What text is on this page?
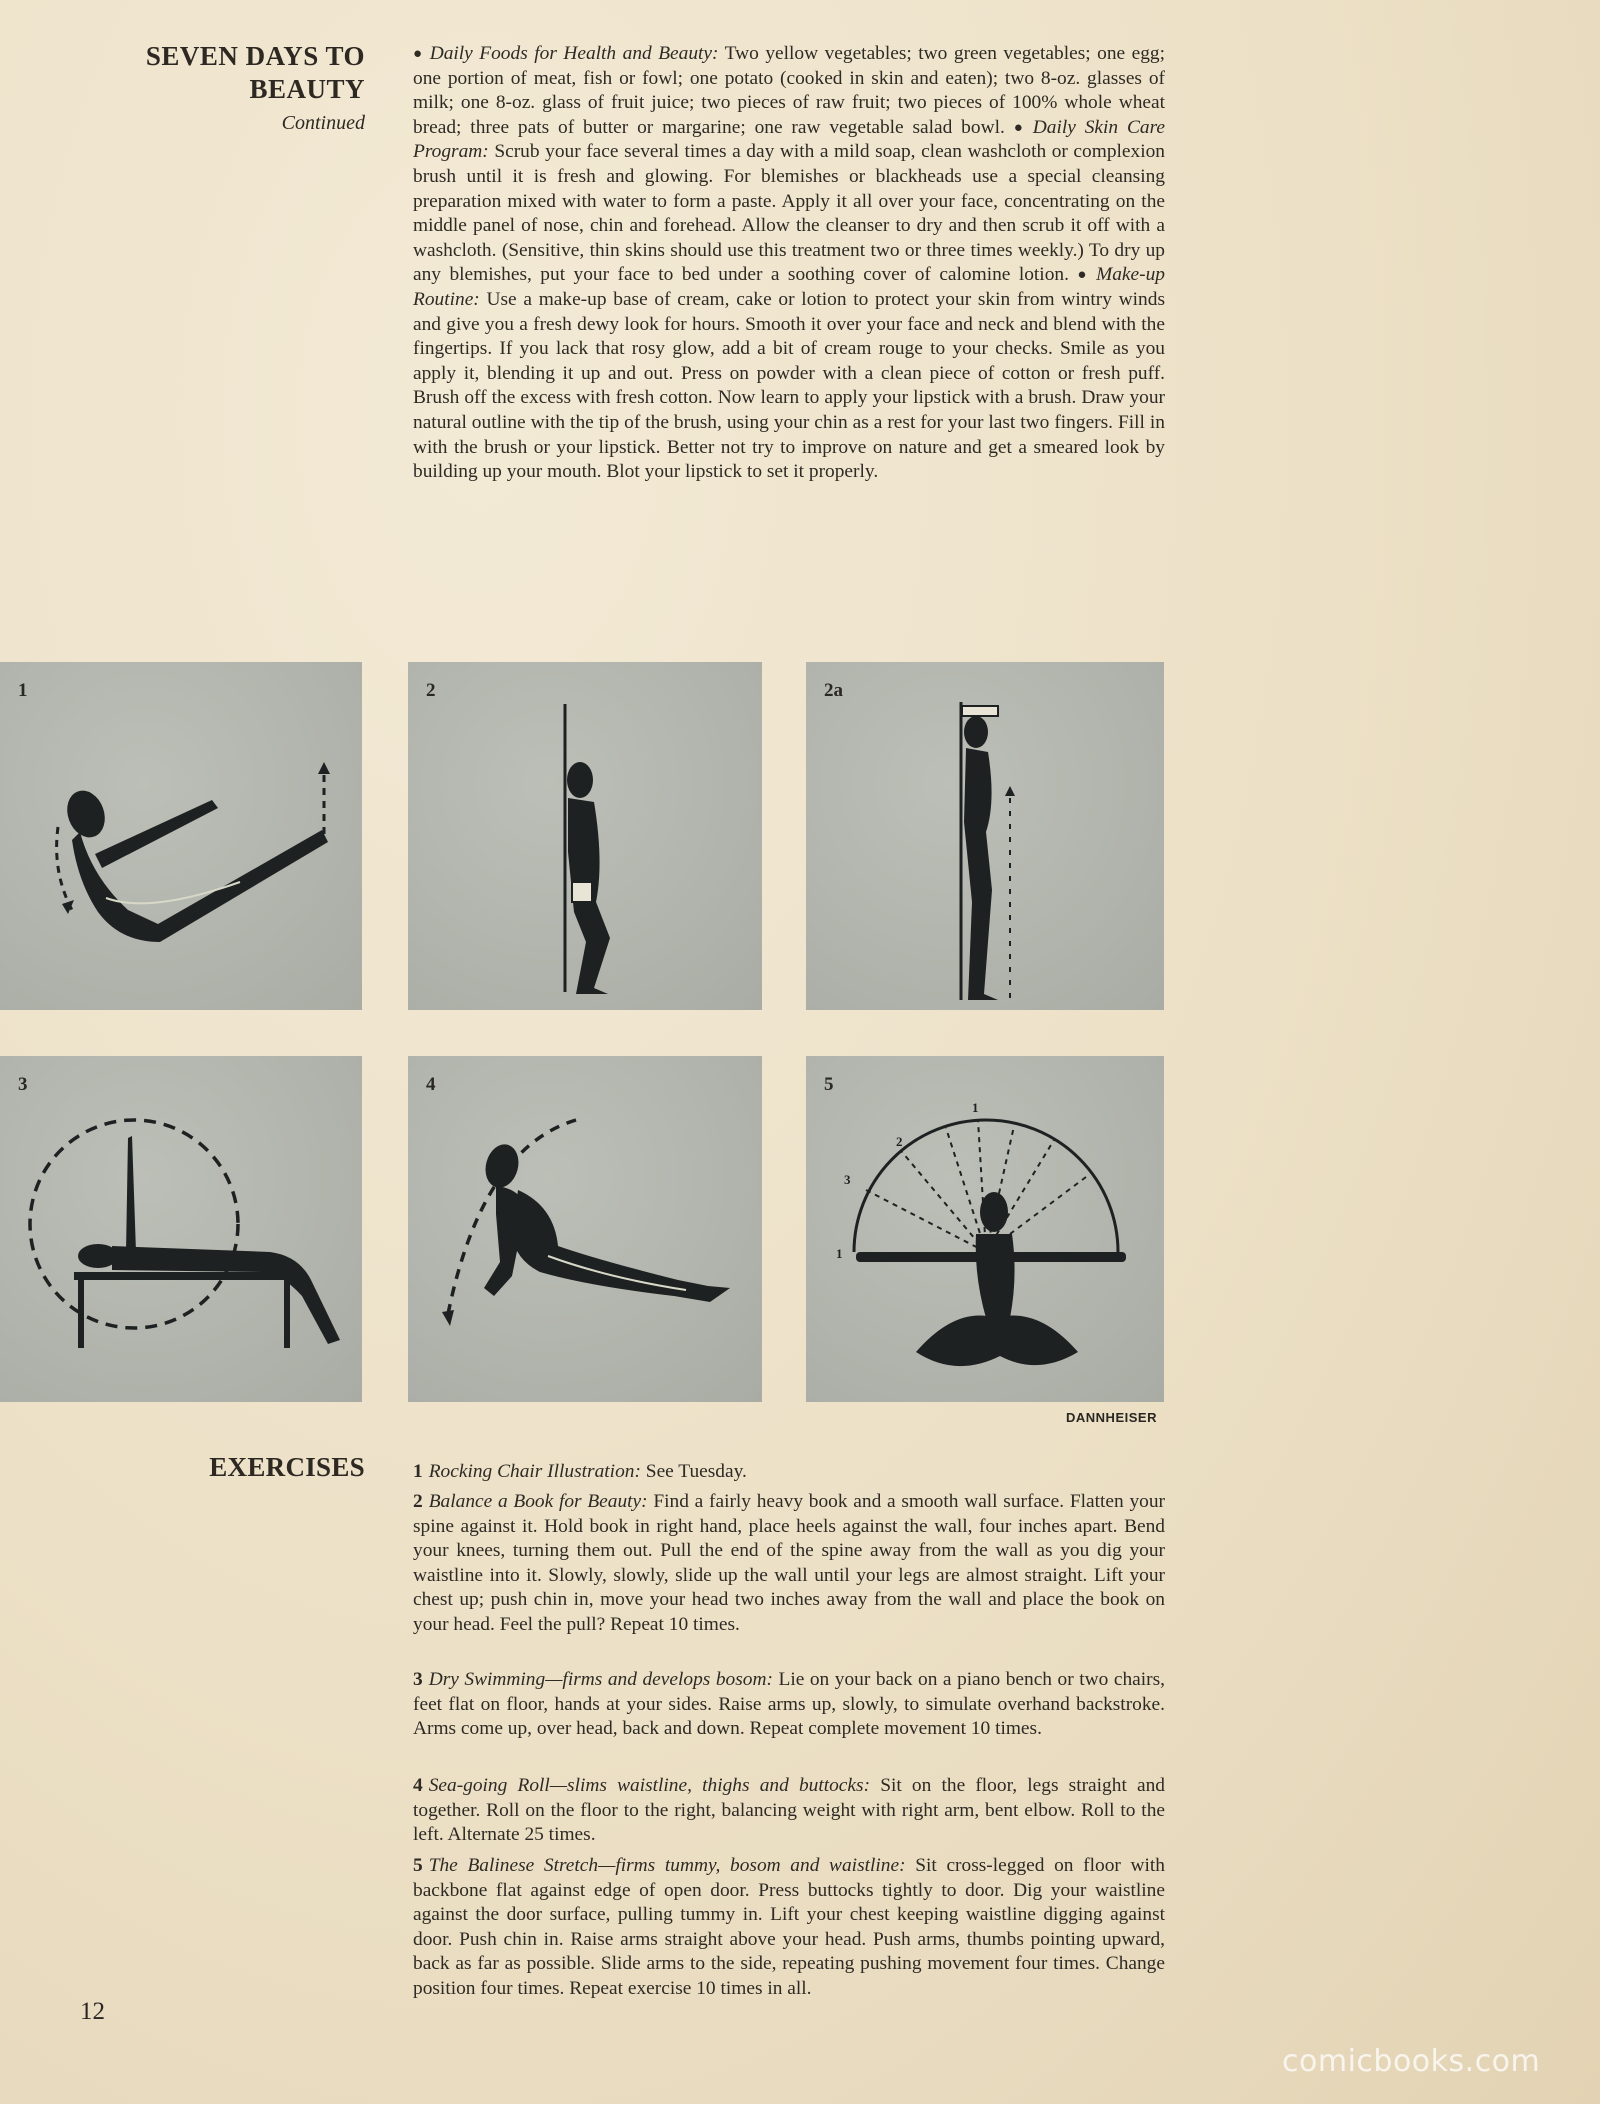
SEVEN DAYS TO BEAUTY
Continued

● Daily Foods for Health and Beauty: Two yellow vegetables; two green vegetables; one egg; one portion of meat, fish or fowl; one potato (cooked in skin and eaten); two 8-oz. glasses of milk; one 8-oz. glass of fruit juice; two pieces of raw fruit; two pieces of 100% whole wheat bread; three pats of butter or margarine; one raw vegetable salad bowl. ● Daily Skin Care Program: Scrub your face several times a day with a mild soap, clean washcloth or complexion brush until it is fresh and glowing. For blemishes or blackheads use a special cleansing preparation mixed with water to form a paste. Apply it all over your face, concentrating on the middle panel of nose, chin and forehead. Allow the cleanser to dry and then scrub it off with a washcloth. (Sensitive, thin skins should use this treatment two or three times weekly.) To dry up any blemishes, put your face to bed under a soothing cover of calomine lotion. ● Make-up Routine: Use a make-up base of cream, cake or lotion to protect your skin from wintry winds and give you a fresh dewy look for hours. Smooth it over your face and neck and blend with the fingertips. If you lack that rosy glow, add a bit of cream rouge to your checks. Smile as you apply it, blending it up and out. Press on powder with a clean piece of cotton or fresh puff. Brush off the excess with fresh cotton. Now learn to apply your lipstick with a brush. Draw your natural outline with the tip of the brush, using your chin as a rest for your last two fingers. Fill in with the brush or your lipstick. Better not try to improve on nature and get a smeared look by building up your mouth. Blot your lipstick to set it properly.

1	2	2a
3	4	5
1
3
2
1
DANNHEISER
EXERCISES 1 Rocking Chair Illustration: See Tuesday.

2 Balance a Book for Beauty: Find a fairly heavy book and a smooth wall surface. Flatten your spine against it. Hold book in right hand, place heels against the wall, four inches apart. Bend your knees, turning them out. Pull the end of the spine away from the wall as you dig your waistline into it. Slowly, slowly, slide up the wall until your legs are almost straight. Lift your chest up; push chin in, move your head two inches away from the wall and place the book on your head. Feel the pull? Repeat 10 times.

3 Dry Swimming—firms and develops bosom: Lie on your back on a piano bench or two chairs, feet flat on floor, hands at your sides. Raise arms up, slowly, to simulate overhand backstroke. Arms come up, over head, back and down. Repeat complete movement 10 times.

4 Sea-going Roll—slims waistline, thighs and buttocks: Sit on the floor, legs straight and together. Roll on the floor to the right, balancing weight with right arm, bent elbow. Roll to the left. Alternate 25 times.

5 The Balinese Stretch—firms tummy, bosom and waistline: Sit cross-legged on floor with backbone flat against edge of open door. Press buttocks tightly to door. Dig your waistline against the door surface, pulling tummy in. Lift your chest keeping waistline digging against door. Push chin in. Raise arms straight above your head. Push arms, thumbs pointing upward, back as far as possible. Slide arms to the side, repeating pushing movement four times. Change position four times. Repeat exercise 10 times in all.

12
comicbooks.com
